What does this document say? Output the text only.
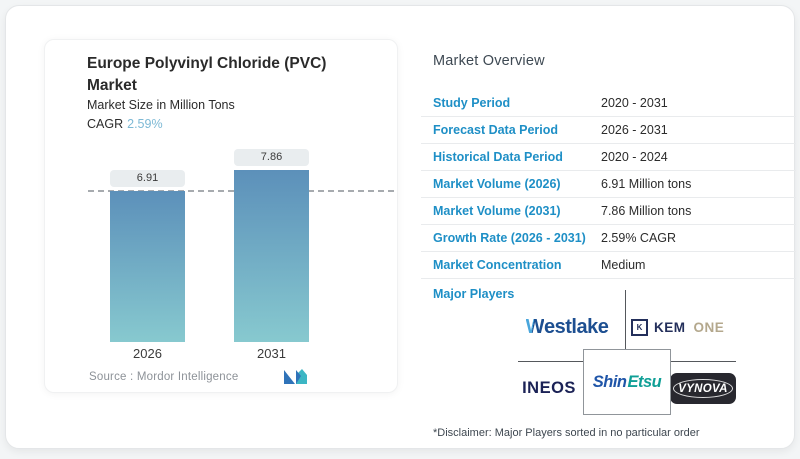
Europe Polyvinyl Chloride (PVC) Market
Market Size in Million Tons
CAGR 2.59%
6.91
2026
7.86
2031
Source : Mordor Intelligence
Market Overview
Study Period	2020 - 2031
Forecast Data Period	2026 - 2031
Historical Data Period	2020 - 2024
Market Volume (2026)	6.91 Million tons
Market Volume (2031)	7.86 Million tons
Growth Rate (2026 - 2031) 2.59% CAGR
Market Concentration	Medium
Major Players
W estlake	K KEM ONE
Shin Etsu
INEOS	VYNOVA
*Disclaimer: Major Players sorted in no particular order
